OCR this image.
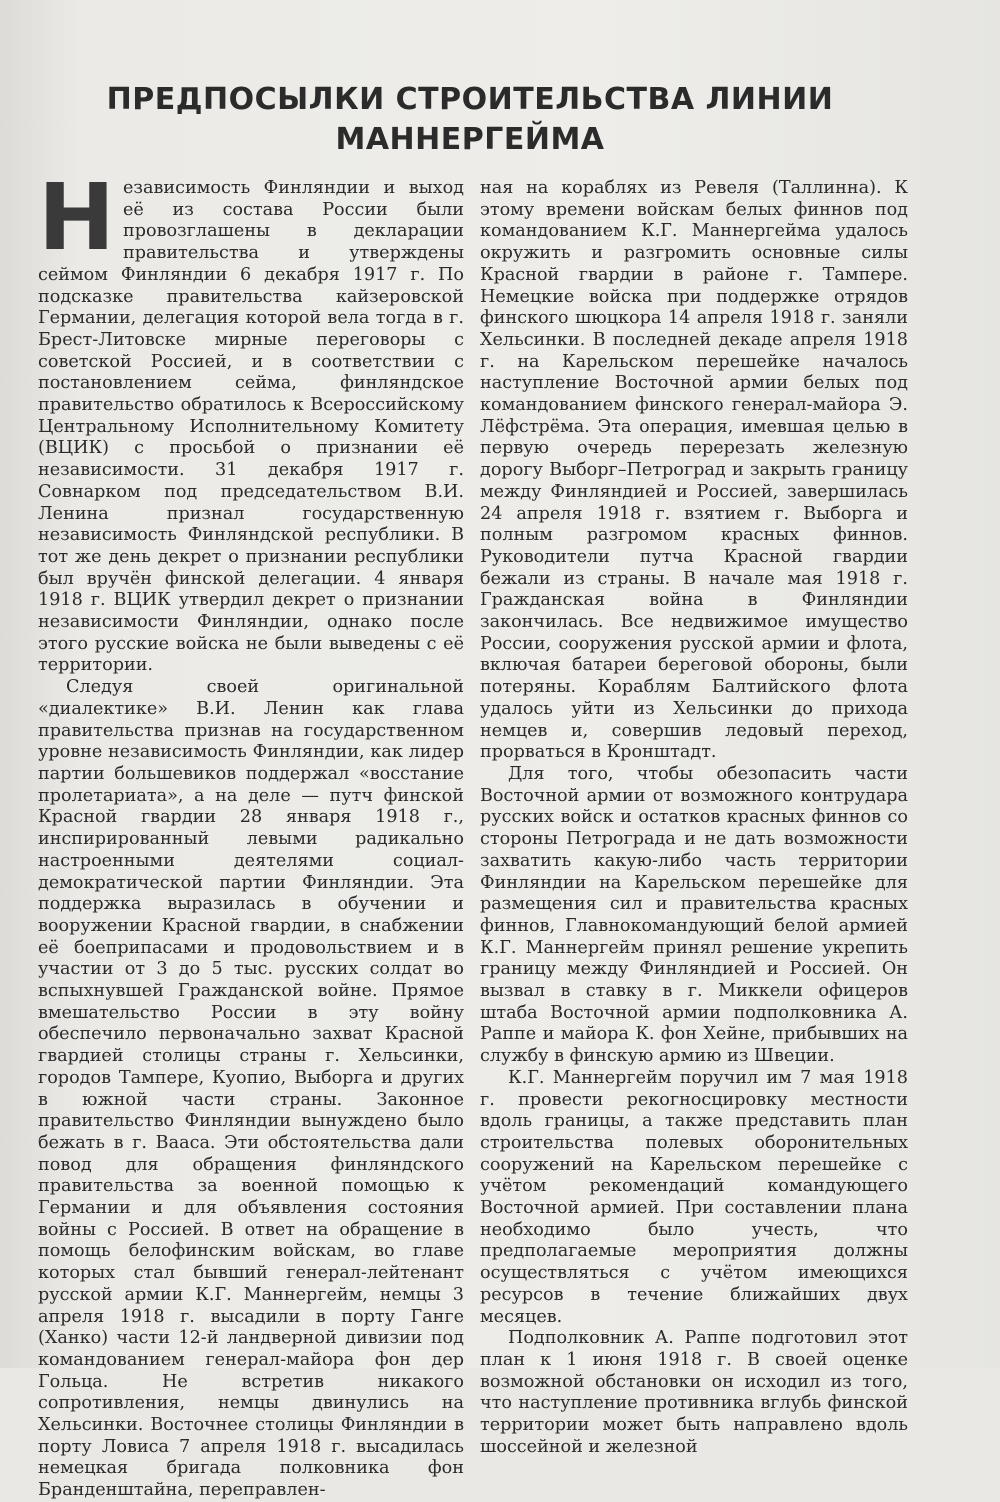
ПРЕДПОСЫЛКИ СТРОИТЕЛЬСТВА ЛИНИИ
МАННЕРГЕЙМА

Независимость Финляндии и выход её из состава России были провозглашены в декларации правительства и утверждены сеймом Финляндии 6 декабря 1917 г. По подсказке правительства кайзеровской Германии, делегация которой вела тогда в г. Брест-Литовске мирные переговоры с советской Россией, и в соответствии с постановлением сейма, финляндское правительство обратилось к Всероссийскому Центральному Исполнительному Комитету (ВЦИК) с просьбой о признании её независимости. 31 декабря 1917 г. Совнарком под председательством В.И. Ленина признал государственную независимость Финляндской республики. В тот же день декрет о признании республики был вручён финской делегации. 4 января 1918 г. ВЦИК утвердил декрет о признании независимости Финляндии, однако после этого русские войска не были выведены с её территории.

Следуя своей оригинальной «диалектике» В.И. Ленин как глава правительства признав на государственном уровне независимость Финляндии, как лидер партии большевиков поддержал «восстание пролетариата», а на деле — путч финской Красной гвардии 28 января 1918 г., инспирированный левыми радикально настроенными деятелями социал-демократической партии Финляндии. Эта поддержка выразилась в обучении и вооружении Красной гвардии, в снабжении её боеприпасами и продовольствием и в участии от 3 до 5 тыс. русских солдат во вспыхнувшей Гражданской войне. Прямое вмешательство России в эту войну обеспечило первоначально захват Красной гвардией столицы страны г. Хельсинки, городов Тампере, Куопио, Выборга и других в южной части страны. Законное правительство Финляндии вынуждено было бежать в г. Вааса. Эти обстоятельства дали повод для обращения финляндского правительства за военной помощью к Германии и для объявления состояния войны с Россией. В ответ на обращение в помощь белофинским войскам, во главе которых стал бывший генерал-лейтенант русской армии К.Г. Маннергейм, немцы 3 апреля 1918 г. высадили в порту Ганге (Ханко) части 12-й ландверной дивизии под командованием генерал-майора фон дер Гольца. Не встретив никакого сопротивления, немцы двинулись на Хельсинки. Восточнее столицы Финляндии в порту Ловиса 7 апреля 1918 г. высадилась немецкая бригада полковника фон Бранденштайна, переправлен-

ная на кораблях из Ревеля (Таллинна). К этому времени войскам белых финнов под командованием К.Г. Маннергейма удалось окружить и разгромить основные силы Красной гвардии в районе г. Тампере. Немецкие войска при поддержке отрядов финского шюцкора 14 апреля 1918 г. заняли Хельсинки. В последней декаде апреля 1918 г. на Карельском перешейке началось наступление Восточной армии белых под командованием финского генерал-майора Э. Лёфстрёма. Эта операция, имевшая целью в первую очередь перерезать железную дорогу Выборг–Петроград и закрыть границу между Финляндией и Россией, завершилась 24 апреля 1918 г. взятием г. Выборга и полным разгромом красных финнов. Руководители путча Красной гвардии бежали из страны. В начале мая 1918 г. Гражданская война в Финляндии закончилась. Все недвижимое имущество России, сооружения русской армии и флота, включая батареи береговой обороны, были потеряны. Кораблям Балтийского флота удалось уйти из Хельсинки до прихода немцев и, совершив ледовый переход, прорваться в Кронштадт.

Для того, чтобы обезопасить части Восточной армии от возможного контрудара русских войск и остатков красных финнов со стороны Петрограда и не дать возможности захватить какую-либо часть территории Финляндии на Карельском перешейке для размещения сил и правительства красных финнов, Главнокомандующий белой армией К.Г. Маннергейм принял решение укрепить границу между Финляндией и Россией. Он вызвал в ставку в г. Миккели офицеров штаба Восточной армии подполковника А. Раппе и майора К. фон Хейне, прибывших на службу в финскую армию из Швеции.

К.Г. Маннергейм поручил им 7 мая 1918 г. провести рекогносцировку местности вдоль границы, а также представить план строительства полевых оборонительных сооружений на Карельском перешейке с учётом рекомендаций командующего Восточной армией. При составлении плана необходимо было учесть, что предполагаемые мероприятия должны осуществляться с учётом имеющихся ресурсов в течение ближайших двух месяцев.

Подполковник А. Раппе подготовил этот план к 1 июня 1918 г. В своей оценке возможной обстановки он исходил из того, что наступление противника вглубь финской территории может быть направлено вдоль шоссейной и железной
